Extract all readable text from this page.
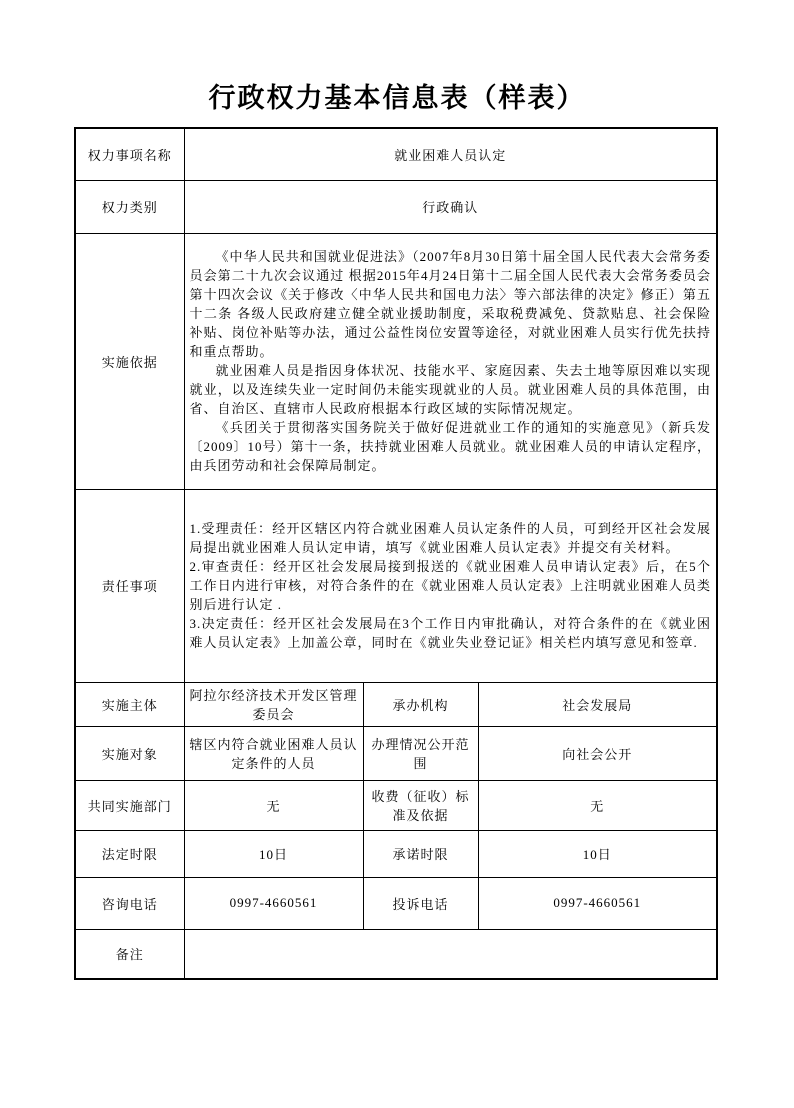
行政权力基本信息表（样表）
权力事项名称	就业困难人员认定		
权力类别	行政确认		
实施依据	《中华人民共和国就业促进法》（2007年8月30日第十届全国人民代表大会常务委员会第二十九次会议通过 根据2015年4月24日第十二届全国人民代表大会常务委员会第十四次会议《关于修改〈中华人民共和国电力法〉等六部法律的决定》修正）第五十二条 各级人民政府建立健全就业援助制度，采取税费减免、贷款贴息、社会保险补贴、岗位补贴等办法，通过公益性岗位安置等途径，对就业困难人员实行优先扶持和重点帮助。

就业困难人员是指因身体状况、技能水平、家庭因素、失去土地等原因难以实现就业，以及连续失业一定时间仍未能实现就业的人员。就业困难人员的具体范围，由省、自治区、直辖市人民政府根据本行政区域的实际情况规定。

《兵团关于贯彻落实国务院关于做好促进就业工作的通知的实施意见》（新兵发〔2009〕10号）第十一条，扶持就业困难人员就业。就业困难人员的申请认定程序，由兵团劳动和社会保障局制定。		

责任事项	1.受理责任：经开区辖区内符合就业困难人员认定条件的人员，可到经开区社会发展局提出就业困难人员认定申请，填写《就业困难人员认定表》并提交有关材料。

2.审查责任：经开区社会发展局接到报送的《就业困难人员申请认定表》后，在5个工作日内进行审核，对符合条件的在《就业困难人员认定表》上注明就业困难人员类别后进行认定 .

3.决定责任：经开区社会发展局在3个工作日内审批确认，对符合条件的在《就业困难人员认定表》上加盖公章，同时在《就业失业登记证》相关栏内填写意见和签章.		

实施主体	阿拉尔经济技术开发区管理委员会	承办机构	社会发展局
实施对象	辖区内符合就业困难人员认定条件的人员	办理情况公开范围	向社会公开
共同实施部门	无	收费（征收）标准及依据	无
法定时限	10日	承诺时限	10日
咨询电话	0997-4660561	投诉电话	0997-4660561
备注			
